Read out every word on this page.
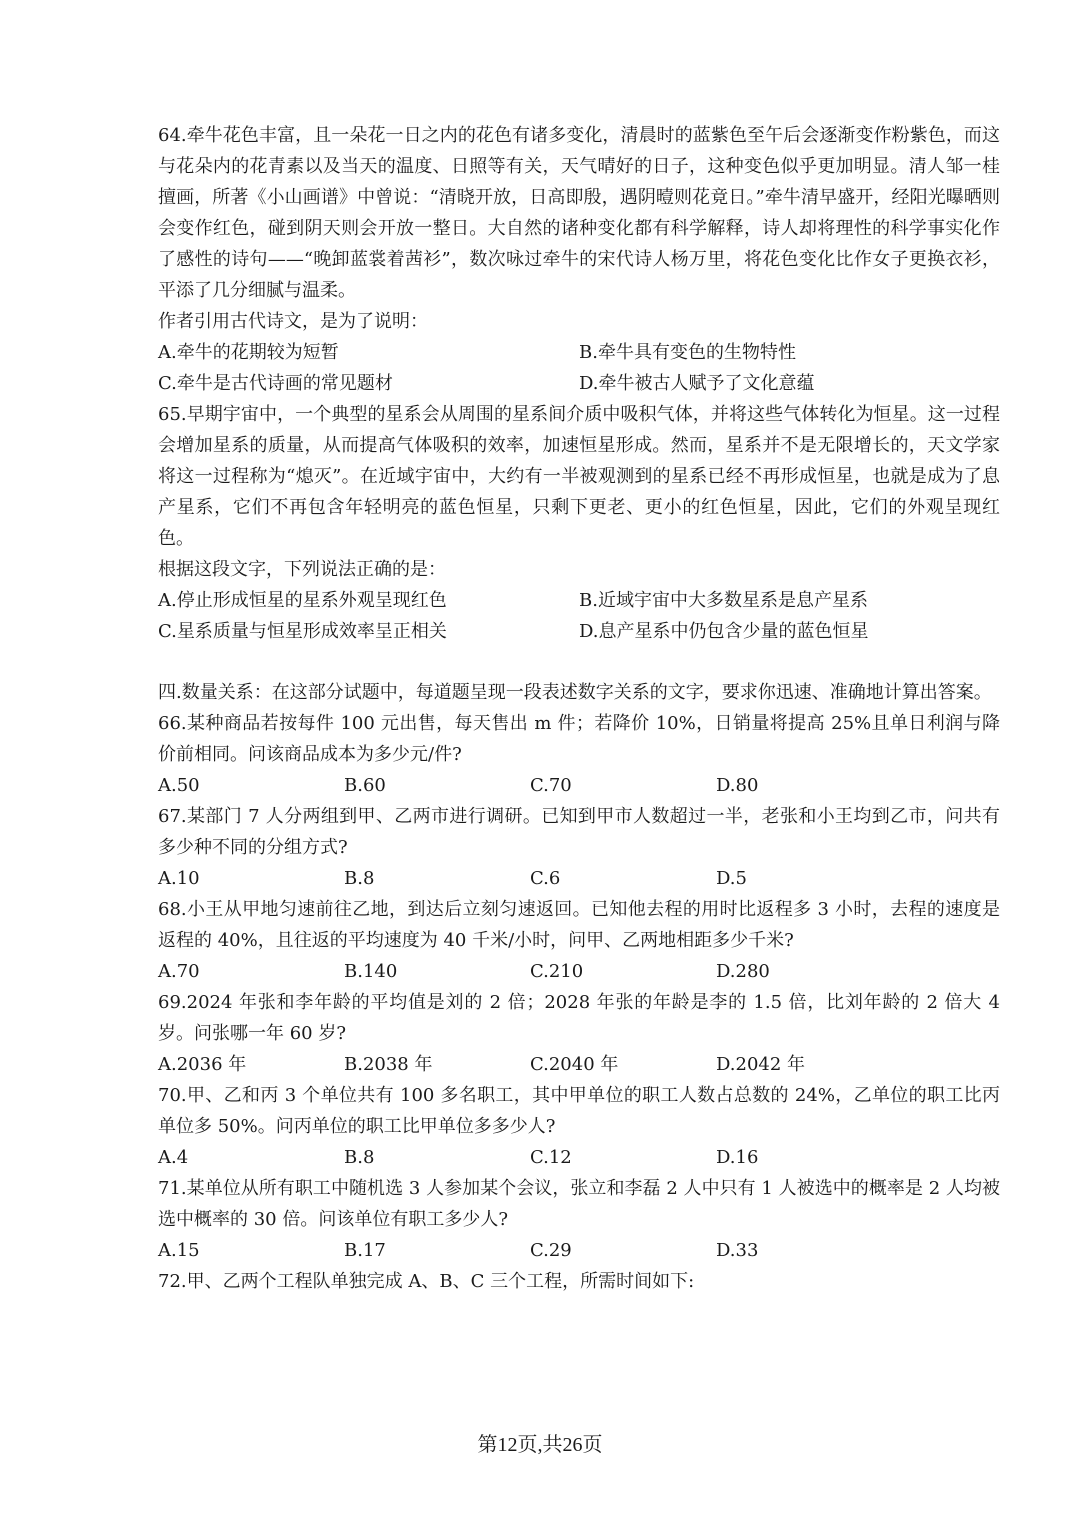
64.牵牛花色丰富，且一朵花一日之内的花色有诸多变化，清晨时的蓝紫色至午后会逐渐变作粉紫色，而这与花朵内的花青素以及当天的温度、日照等有关，天气晴好的日子，这种变色似乎更加明显。清人邹一桂擅画，所著《小山画谱》中曾说：“清晓开放，日高即殷，遇阴曀则花竟日。”牵牛清早盛开，经阳光曝晒则会变作红色，碰到阴天则会开放一整日。大自然的诸种变化都有科学解释，诗人却将理性的科学事实化作了感性的诗句——“晚卸蓝裳着茜衫”，数次咏过牵牛的宋代诗人杨万里，将花色变化比作女子更换衣衫，平添了几分细腻与温柔。

作者引用古代诗文，是为了说明：

A.牵牛的花期较为短暂	B.牵牛具有变色的生物特性
C.牵牛是古代诗画的常见题材	D.牵牛被古人赋予了文化意蕴

65.早期宇宙中，一个典型的星系会从周围的星系间介质中吸积气体，并将这些气体转化为恒星。这一过程会增加星系的质量，从而提高气体吸积的效率，加速恒星形成。然而，星系并不是无限增长的，天文学家将这一过程称为“熄灭”。在近域宇宙中，大约有一半被观测到的星系已经不再形成恒星，也就是成为了息产星系，它们不再包含年轻明亮的蓝色恒星，只剩下更老、更小的红色恒星，因此，它们的外观呈现红色。

根据这段文字，下列说法正确的是：

A.停止形成恒星的星系外观呈现红色	B.近域宇宙中大多数星系是息产星系
C.星系质量与恒星形成效率呈正相关	D.息产星系中仍包含少量的蓝色恒星

四.数量关系：在这部分试题中，每道题呈现一段表述数字关系的文字，要求你迅速、准确地计算出答案。

66.某种商品若按每件 100 元出售，每天售出 m 件；若降价 10%，日销量将提高 25%且单日利润与降价前相同。问该商品成本为多少元/件?

A.50	B.60	C.70	D.80

67.某部门 7 人分两组到甲、乙两市进行调研。已知到甲市人数超过一半，老张和小王均到乙市，问共有多少种不同的分组方式?

A.10	B.8	C.6	D.5

68.小王从甲地匀速前往乙地，到达后立刻匀速返回。已知他去程的用时比返程多 3 小时，去程的速度是返程的 40%，且往返的平均速度为 40 千米/小时，问甲、乙两地相距多少千米?

A.70	B.140	C.210	D.280

69.2024 年张和李年龄的平均值是刘的 2 倍；2028 年张的年龄是李的 1.5 倍，比刘年龄的 2 倍大 4 岁。问张哪一年 60 岁?

A.2036 年	B.2038 年	C.2040 年	D.2042 年

70.甲、乙和丙 3 个单位共有 100 多名职工，其中甲单位的职工人数占总数的 24%，乙单位的职工比丙单位多 50%。问丙单位的职工比甲单位多多少人?

A.4	B.8	C.12	D.16

71.某单位从所有职工中随机选 3 人参加某个会议，张立和李磊 2 人中只有 1 人被选中的概率是 2 人均被选中概率的 30 倍。问该单位有职工多少人?

A.15	B.17	C.29	D.33

72.甲、乙两个工程队单独完成 A、B、C 三个工程，所需时间如下:

第12页,共26页
